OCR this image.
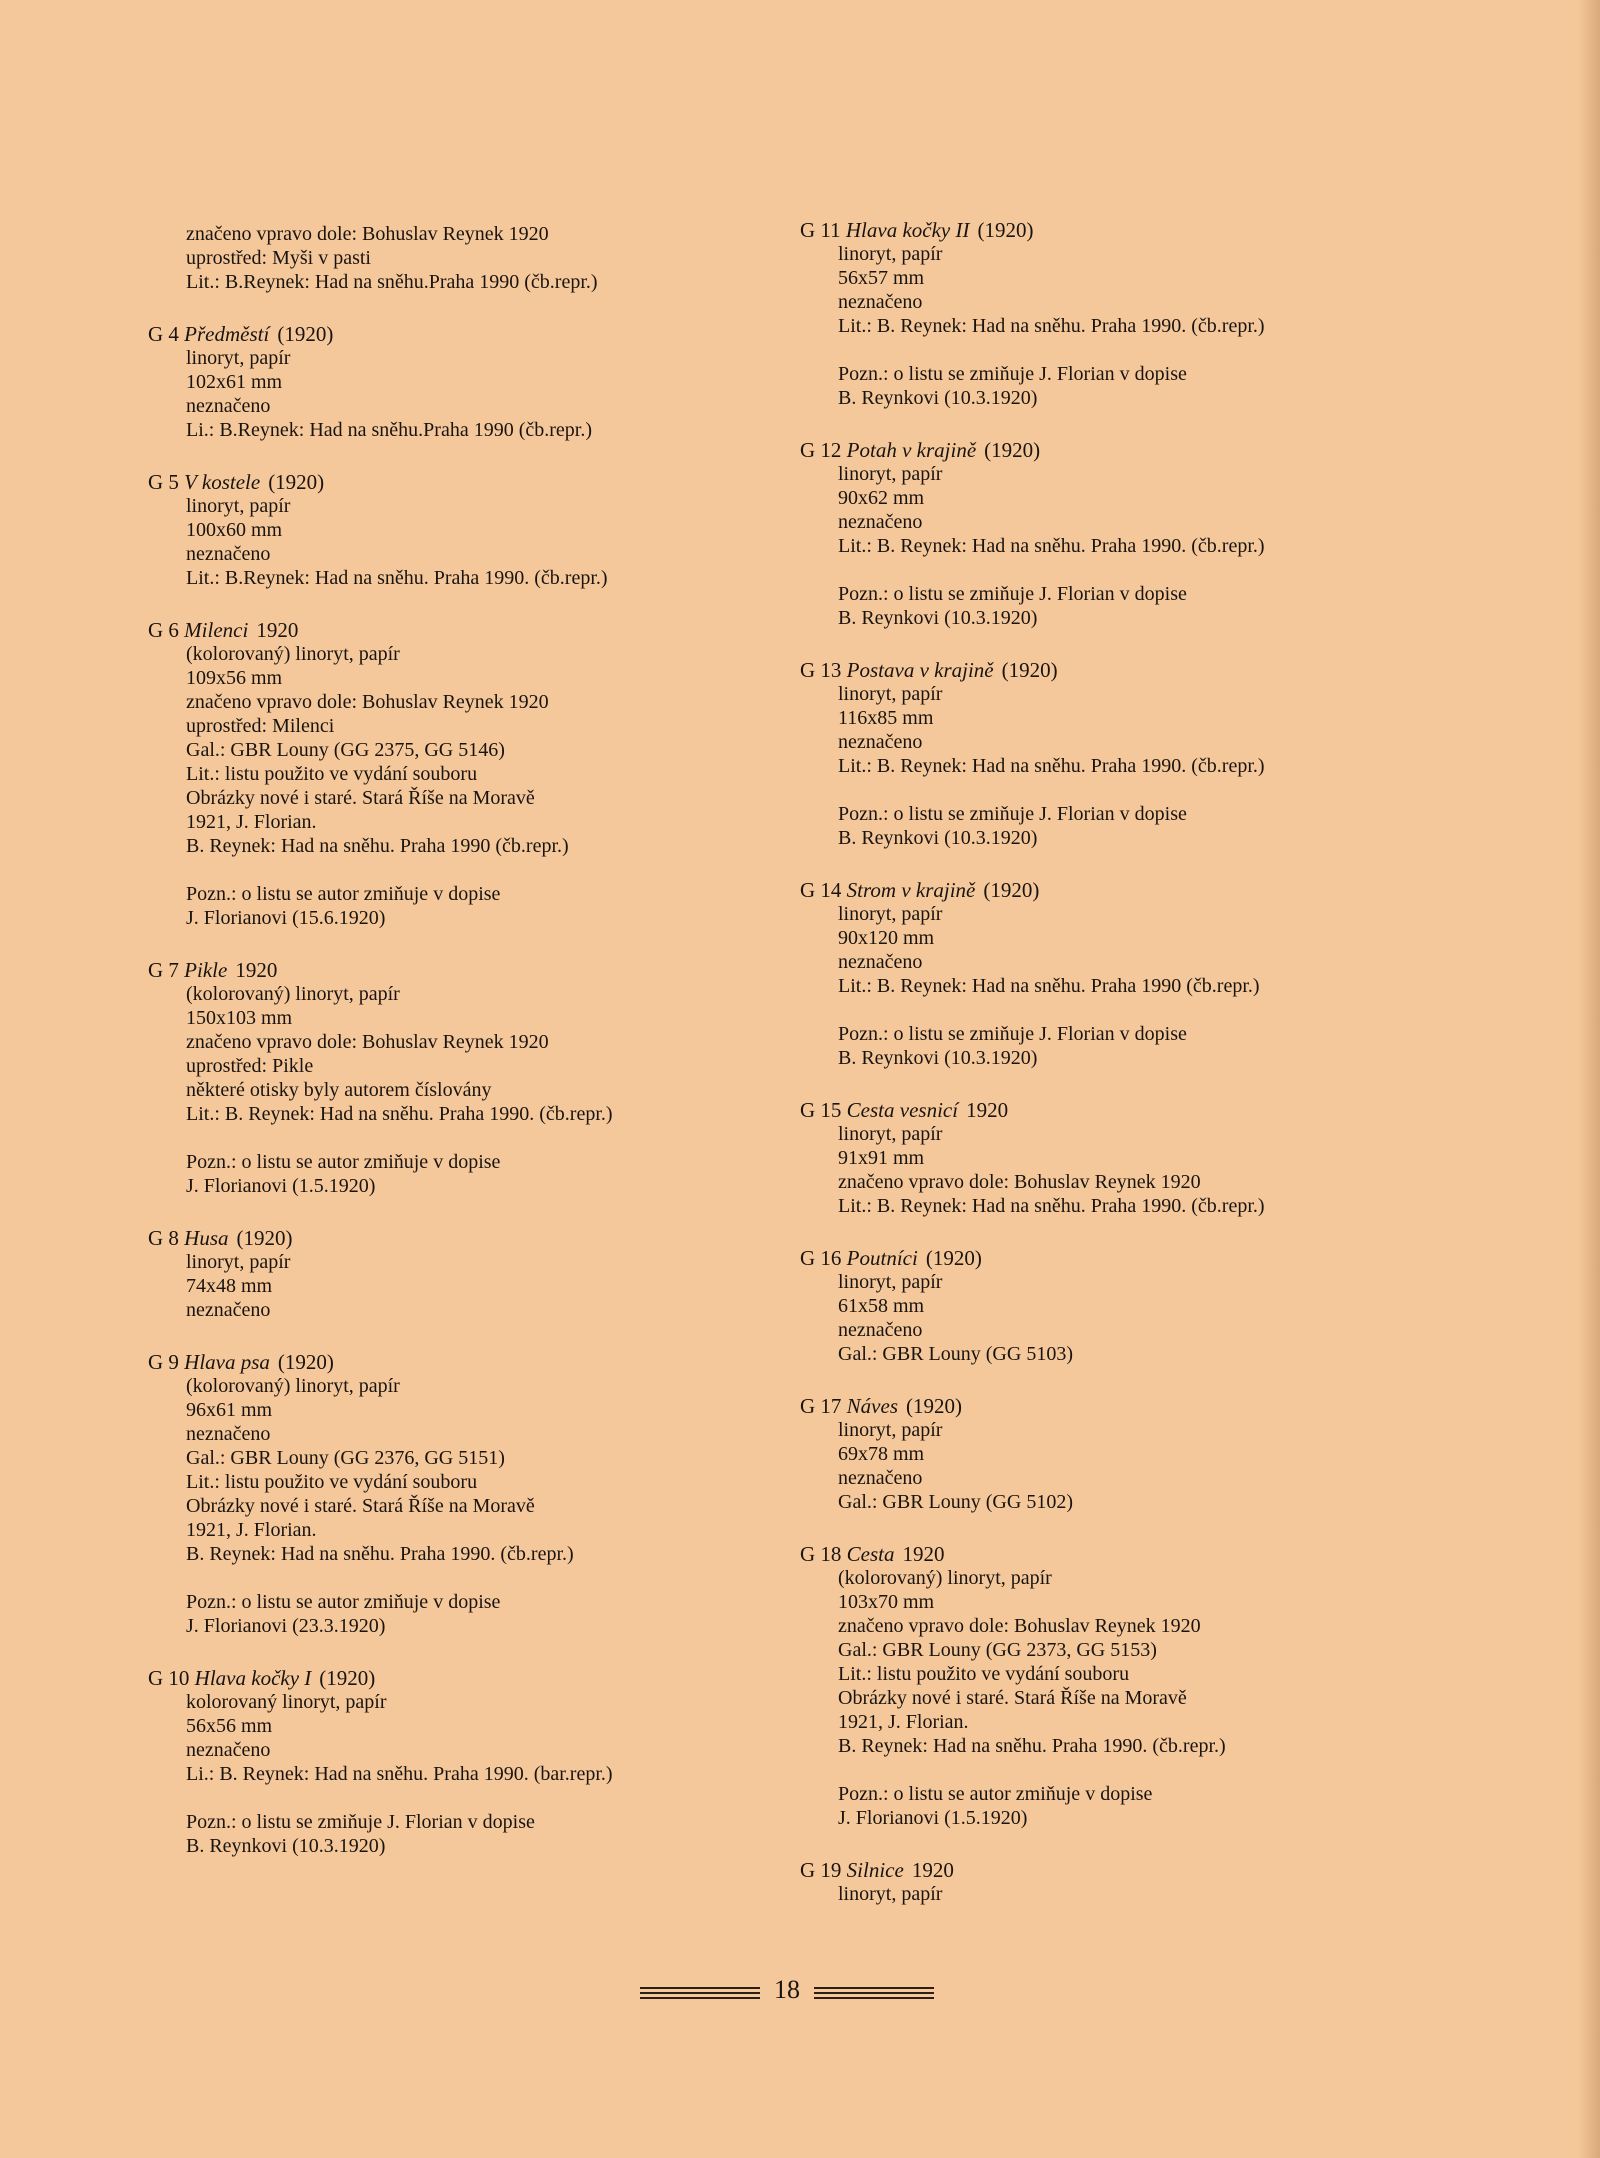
značeno vpravo dole: Bohuslav Reynek 1920
uprostřed: Myši v pasti
Lit.: B.Reynek: Had na sněhu.Praha 1990 (čb.repr.)
G 4 Předměstí (1920)
linoryt, papír
102x61 mm
neznačeno
Li.: B.Reynek: Had na sněhu.Praha 1990 (čb.repr.)
G 5 V kostele (1920)
linoryt, papír
100x60 mm
neznačeno
Lit.: B.Reynek: Had na sněhu. Praha 1990. (čb.repr.)
G 6 Milenci 1920
(kolorovaný) linoryt, papír
109x56 mm
značeno vpravo dole: Bohuslav Reynek 1920
uprostřed: Milenci
Gal.: GBR Louny (GG 2375, GG 5146)
Lit.: listu použito ve vydání souboru
Obrázky nové i staré. Stará Říše na Moravě
1921, J. Florian.
B. Reynek: Had na sněhu. Praha 1990 (čb.repr.)
Pozn.: o listu se autor zmiňuje v dopise
J. Florianovi (15.6.1920)
G 7 Pikle 1920
(kolorovaný) linoryt, papír
150x103 mm
značeno vpravo dole: Bohuslav Reynek 1920
uprostřed: Pikle
některé otisky byly autorem číslovány
Lit.: B. Reynek: Had na sněhu. Praha 1990. (čb.repr.)
Pozn.: o listu se autor zmiňuje v dopise
J. Florianovi (1.5.1920)
G 8 Husa (1920)
linoryt, papír
74x48 mm
neznačeno
G 9 Hlava psa (1920)
(kolorovaný) linoryt, papír
96x61 mm
neznačeno
Gal.: GBR Louny (GG 2376, GG 5151)
Lit.: listu použito ve vydání souboru
Obrázky nové i staré. Stará Říše na Moravě
1921, J. Florian.
B. Reynek: Had na sněhu. Praha 1990. (čb.repr.)
Pozn.: o listu se autor zmiňuje v dopise
J. Florianovi (23.3.1920)
G 10 Hlava kočky I (1920)
kolorovaný linoryt, papír
56x56 mm
neznačeno
Li.: B. Reynek: Had na sněhu. Praha 1990. (bar.repr.)
Pozn.: o listu se zmiňuje J. Florian v dopise
B. Reynkovi (10.3.1920)
G 11 Hlava kočky II (1920)
linoryt, papír
56x57 mm
neznačeno
Lit.: B. Reynek: Had na sněhu. Praha 1990. (čb.repr.)
Pozn.: o listu se zmiňuje J. Florian v dopise
B. Reynkovi (10.3.1920)
G 12 Potah v krajině (1920)
linoryt, papír
90x62 mm
neznačeno
Lit.: B. Reynek: Had na sněhu. Praha 1990. (čb.repr.)
Pozn.: o listu se zmiňuje J. Florian v dopise
B. Reynkovi (10.3.1920)
G 13 Postava v krajině (1920)
linoryt, papír
116x85 mm
neznačeno
Lit.: B. Reynek: Had na sněhu. Praha 1990. (čb.repr.)
Pozn.: o listu se zmiňuje J. Florian v dopise
B. Reynkovi (10.3.1920)
G 14 Strom v krajině (1920)
linoryt, papír
90x120 mm
neznačeno
Lit.: B. Reynek: Had na sněhu. Praha 1990 (čb.repr.)
Pozn.: o listu se zmiňuje J. Florian v dopise
B. Reynkovi (10.3.1920)
G 15 Cesta vesnicí 1920
linoryt, papír
91x91 mm
značeno vpravo dole: Bohuslav Reynek 1920
Lit.: B. Reynek: Had na sněhu. Praha 1990. (čb.repr.)
G 16 Poutníci (1920)
linoryt, papír
61x58 mm
neznačeno
Gal.: GBR Louny (GG 5103)
G 17 Náves (1920)
linoryt, papír
69x78 mm
neznačeno
Gal.: GBR Louny (GG 5102)
G 18 Cesta 1920
(kolorovaný) linoryt, papír
103x70 mm
značeno vpravo dole: Bohuslav Reynek 1920
Gal.: GBR Louny (GG 2373, GG 5153)
Lit.: listu použito ve vydání souboru
Obrázky nové i staré. Stará Říše na Moravě
1921, J. Florian.
B. Reynek: Had na sněhu. Praha 1990. (čb.repr.)
Pozn.: o listu se autor zmiňuje v dopise
J. Florianovi (1.5.1920)
G 19 Silnice 1920
linoryt, papír
18
